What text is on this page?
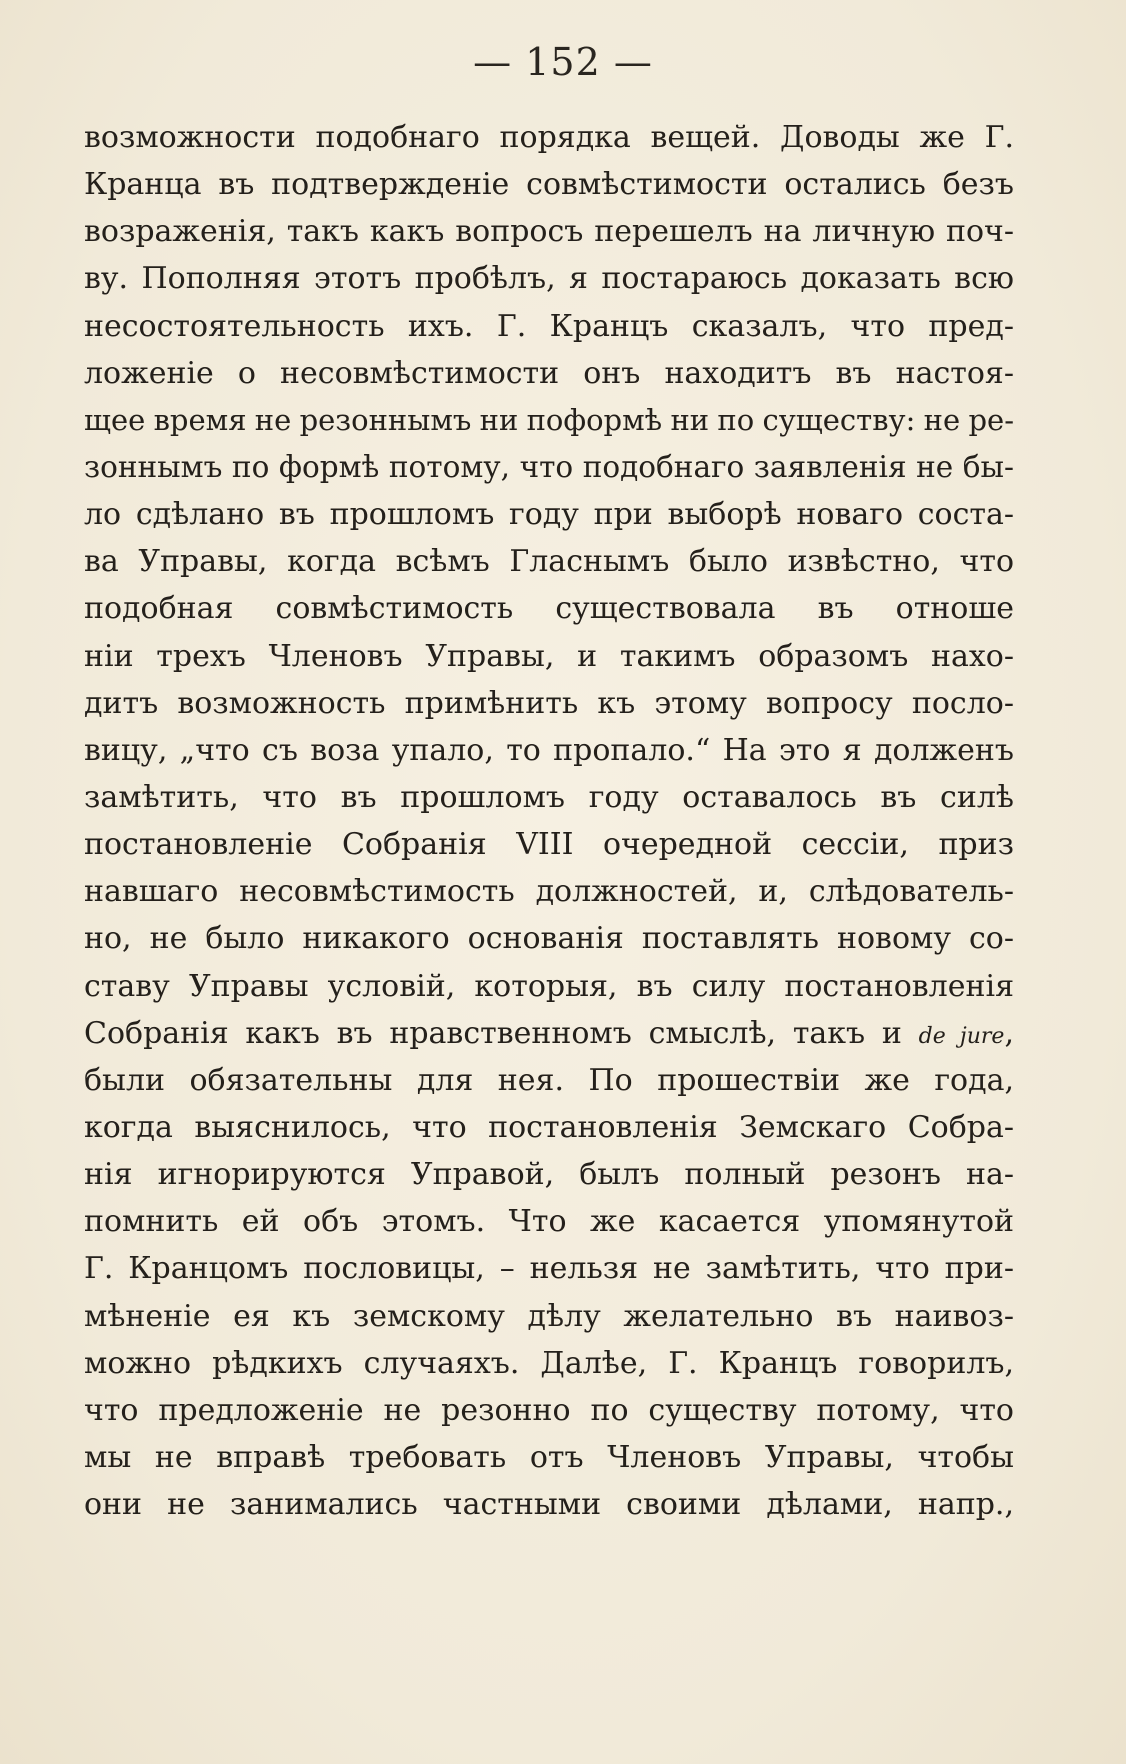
— 152 —
возможности подобнаго порядка вещей. Доводы же Г.
Кранца въ подтвержденіе совмѣстимости остались безъ
возраженія, такъ какъ вопросъ перешелъ на личную поч-
ву. Пополняя этотъ пробѣлъ, я постараюсь доказать всю
несостоятельность ихъ. Г. Кранцъ сказалъ, что пред-
ложеніе о несовмѣстимости онъ находитъ въ настоя-
щее время не резоннымъ ни поформѣ ни по существу: не ре-
зоннымъ по формѣ потому, что подобнаго заявленія не бы-
ло сдѣлано въ прошломъ году при выборѣ новаго соста-
ва Управы, когда всѣмъ Гласнымъ было извѣстно, что
подобная совмѣстимость существовала въ отноше
ніи трехъ Членовъ Управы, и такимъ образомъ нахо-
дитъ возможность примѣнить къ этому вопросу посло-
вицу, „что съ воза упало, то пропало.“ На это я долженъ
замѣтить, что въ прошломъ году оставалось въ силѣ
постановленіе Собранія VIII очередной сессіи, приз
навшаго несовмѣстимость должностей, и, слѣдователь-
но, не было никакого основанія поставлять новому со-
ставу Управы условій, которыя, въ силу постановленія
Собранія какъ въ нравственномъ смыслѣ, такъ и de jure,
были обязательны для нея. По прошествіи же года,
когда выяснилось, что постановленія Земскаго Собра-
нія игнорируются Управой, былъ полный резонъ на-
помнить ей объ этомъ. Что же касается упомянутой
Г. Кранцомъ пословицы, – нельзя не замѣтить, что при-
мѣненіе ея къ земскому дѣлу желательно въ наивоз-
можно рѣдкихъ случаяхъ. Далѣе, Г. Кранцъ говорилъ,
что предложеніе не резонно по существу потому, что
мы не вправѣ требовать отъ Членовъ Управы, чтобы
они не занимались частными своими дѣлами, напр.,
